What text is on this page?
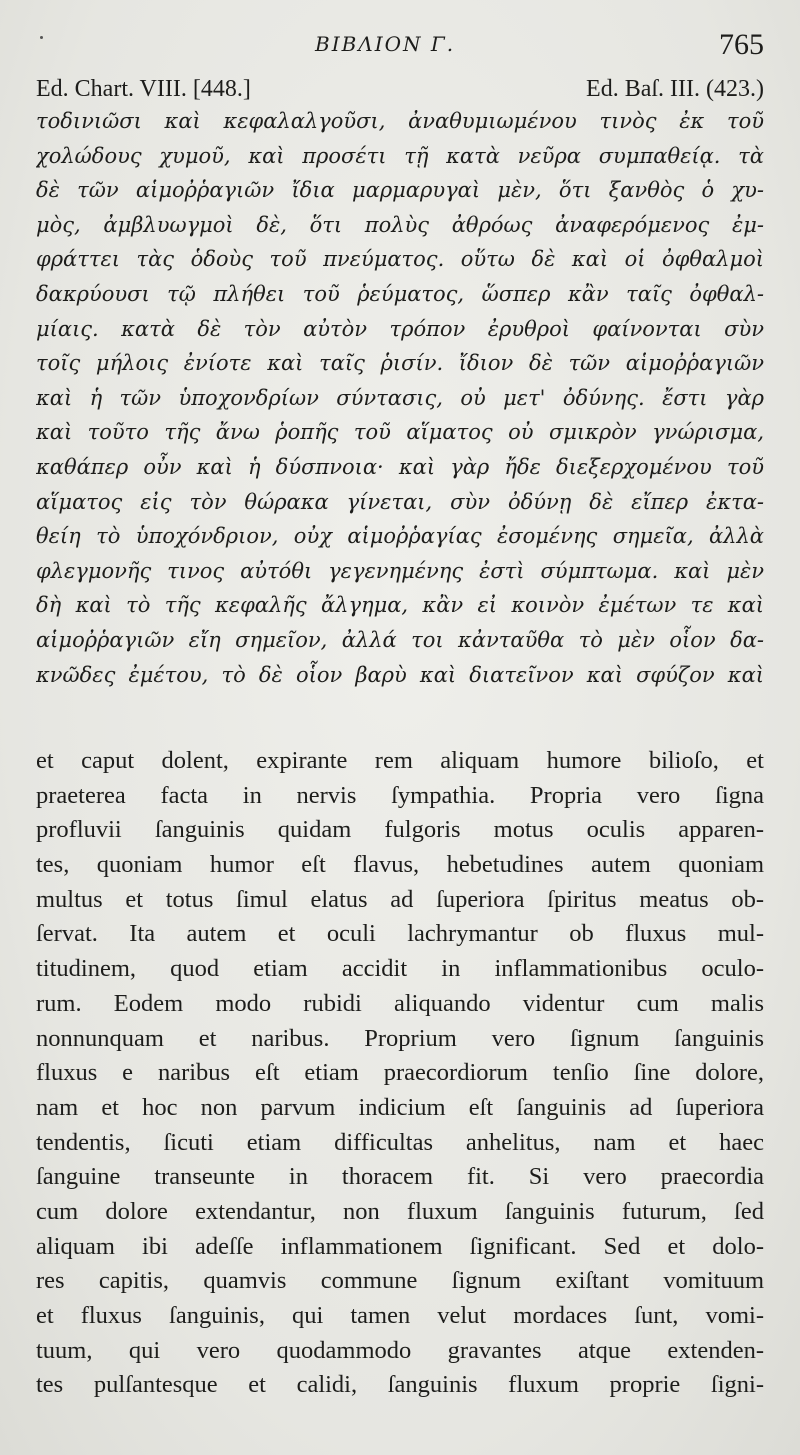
ΒΙΒΛΙΟΝ Γ.	765
Ed. Chart. VIII. [448.]	Ed. Baſ. III. (423.)
τοδινιῶσι καὶ κεφαλαλγοῦσι, ἀναθυμιωμένου τινὸς ἐκ τοῦ
χολώδους χυμοῦ, καὶ προσέτι τῇ κατὰ νεῦρα συμπαθείᾳ. τὰ
δὲ τῶν αἱμοῤῥαγιῶν ἴδια μαρμαρυγαὶ μὲν, ὅτι ξανθὸς ὁ χυ-
μὸς, ἀμβλυωγμοὶ δὲ, ὅτι πολὺς ἀθρόως ἀναφερόμενος ἐμ-
φράττει τὰς ὁδοὺς τοῦ πνεύματος. οὕτω δὲ καὶ οἱ ὀφθαλμοὶ
δακρύουσι τῷ πλήθει τοῦ ῥεύματος, ὥσπερ κἂν ταῖς ὀφθαλ-
μίαις. κατὰ δὲ τὸν αὐτὸν τρόπον ἐρυθροὶ φαίνονται σὺν
τοῖς μήλοις ἐνίοτε καὶ ταῖς ῥισίν. ἴδιον δὲ τῶν αἱμοῤῥαγιῶν
καὶ ἡ τῶν ὑποχονδρίων σύντασις, οὐ μετ' ὀδύνης. ἔστι γὰρ
καὶ τοῦτο τῆς ἄνω ῥοπῆς τοῦ αἵματος οὐ σμικρὸν γνώρισμα,
καθάπερ οὖν καὶ ἡ δύσπνοια· καὶ γὰρ ἤδε διεξερχομένου τοῦ
αἵματος εἰς τὸν θώρακα γίνεται, σὺν ὀδύνῃ δὲ εἴπερ ἐκτα-
θείη τὸ ὑποχόνδριον, οὐχ αἱμοῤῥαγίας ἐσομένης σημεῖα, ἀλλὰ
φλεγμονῆς τινος αὐτόθι γεγενημένης ἐστὶ σύμπτωμα. καὶ μὲν
δὴ καὶ τὸ τῆς κεφαλῆς ἄλγημα, κἂν εἰ κοινὸν ἐμέτων τε καὶ
αἱμοῤῥαγιῶν εἴη σημεῖον, ἀλλά τοι κἀνταῦθα τὸ μὲν οἷον δα-
κνῶδες ἐμέτου, τὸ δὲ οἷον βαρὺ καὶ διατεῖνον καὶ σφύζον καὶ
et caput dolent, expirante rem aliquam humore bilioſo, et
praeterea facta in nervis ſympathia. Propria vero ſigna
profluvii ſanguinis quidam fulgoris motus oculis apparen-
tes, quoniam humor eſt flavus, hebetudines autem quoniam
multus et totus ſimul elatus ad ſuperiora ſpiritus meatus ob-
ſervat. Ita autem et oculi lachrymantur ob fluxus mul-
titudinem, quod etiam accidit in inflammationibus oculo-
rum. Eodem modo rubidi aliquando videntur cum malis
nonnunquam et naribus. Proprium vero ſignum ſanguinis
fluxus e naribus eſt etiam praecordiorum tenſio ſine dolore,
nam et hoc non parvum indicium eſt ſanguinis ad ſuperiora
tendentis, ſicuti etiam difficultas anhelitus, nam et haec
ſanguine transeunte in thoracem fit. Si vero praecordia
cum dolore extendantur, non fluxum ſanguinis futurum, ſed
aliquam ibi adeſſe inflammationem ſignificant. Sed et dolo-
res capitis, quamvis commune ſignum exiſtant vomituum
et fluxus ſanguinis, qui tamen velut mordaces ſunt, vomi-
tuum, qui vero quodammodo gravantes atque extenden-
tes pulſantesque et calidi, ſanguinis fluxum proprie ſigni-
